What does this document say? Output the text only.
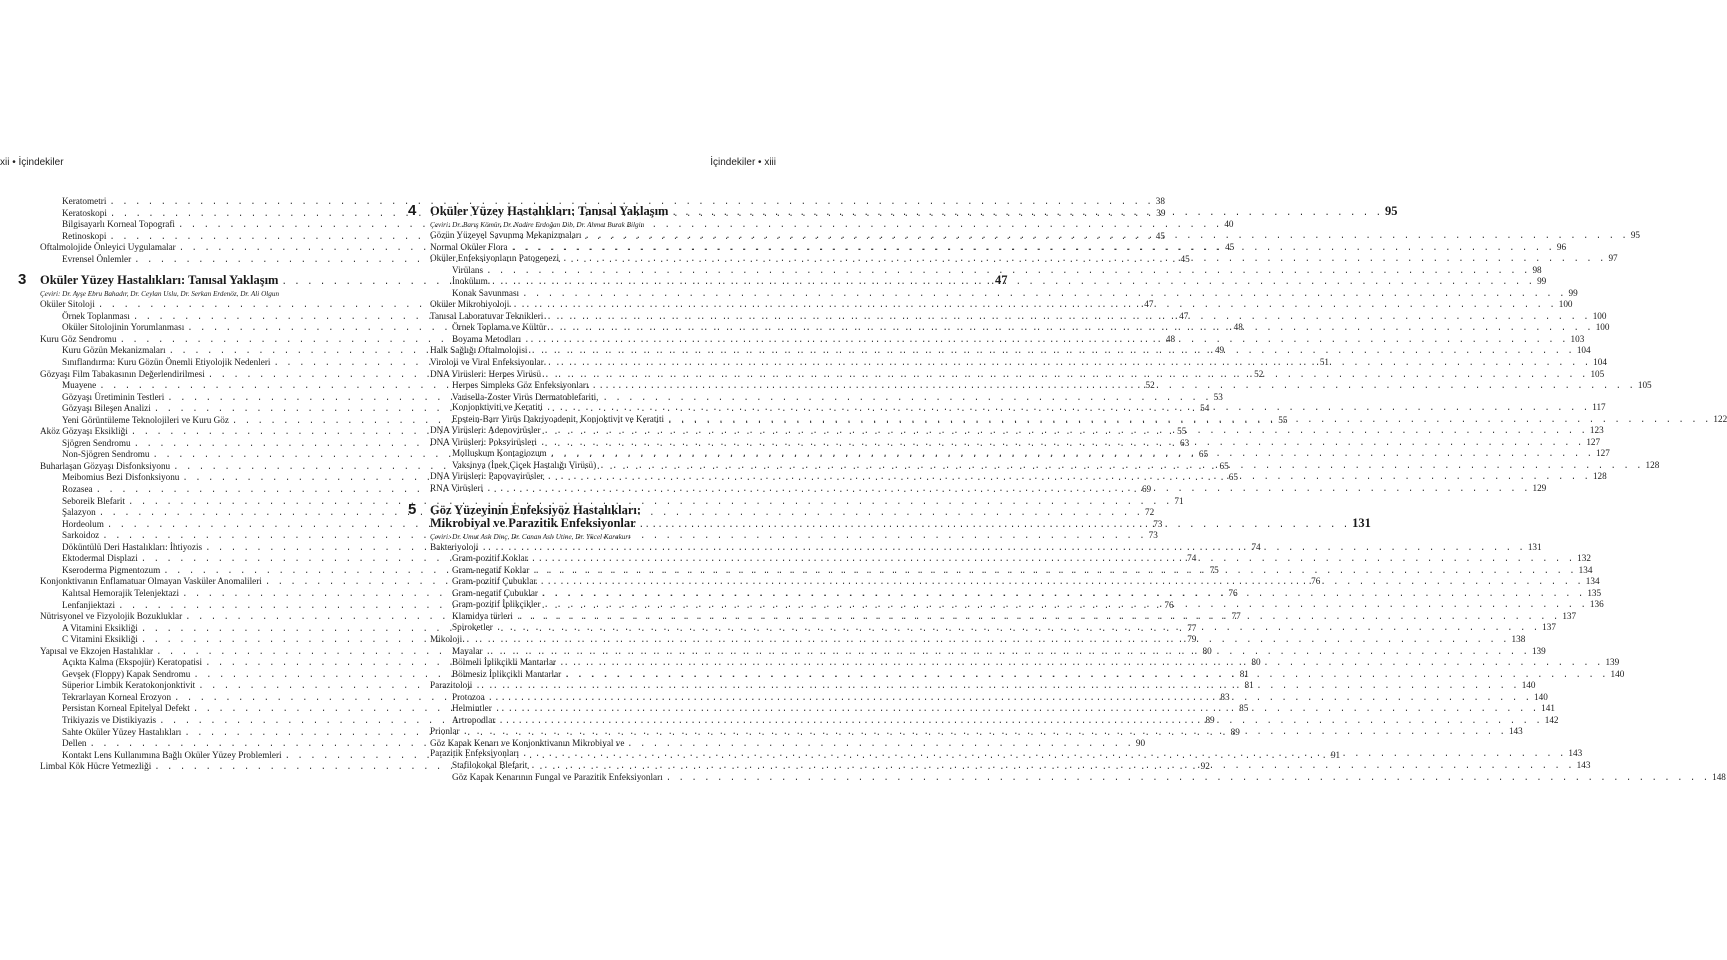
xii • İçindekiler	İçindekiler • xiii
Keratometri . . .	38
Keratoskopi . . .	39
Bilgisayarlı Korneal Topografi . . .	40
Retinoskopi . . .	45
Oftalmolojide Önleyici Uygulamalar . . .	45
Evrensel Önlemler . . .	45
3	Oküler Yüzey Hastalıkları: Tanısal Yaklaşım . . .	47
Çeviri: Dr. Ayşe Ebru Bahadır, Dr. Ceylan Uslu, Dr. Serkan Erdenöz, Dr. Ali Olgun
Oküler Sitoloji . . .	47
Örnek Toplanması . . .	47
Oküler Sitolojinin Yorumlanması . . .	48
Kuru Göz Sendromu . . .	48
Kuru Gözün Mekanizmaları . . .	49
Sınıflandırma: Kuru Gözün Önemli Etiyolojik Nedenleri . . .	51
Gözyaşı Film Tabakasının Değerlendirilmesi . . .	52
Muayene . . .	52
Gözyaşı Üretiminin Testleri . . .	53
Gözyaşı Bileşen Analizi . . .	54
Yeni Görüntüleme Teknolojileri ve Kuru Göz . . .	55
Aköz Gözyaşı Eksikliği . . .	55
Sjögren Sendromu . . .	63
Non-Sjögren Sendromu . . .	65
Buharlaşan Gözyaşı Disfonksiyonu . . .	65
Meibomius Bezi Disfonksiyonu . . .	65
Rozasea . . .	69
Seboreik Blefarit . . .	71
Şalazyon . . .	72
Hordeolum . . .	73
Sarkoidoz . . .	73
Döküntülü Deri Hastalıkları: İhtiyozis . . .	74
Ektodermal Displazi . . .	74
Kseroderma Pigmentozum . . .	75
Konjonktivanın Enflamatuar Olmayan Vasküler Anomalileri . . .	76
Kalıtsal Hemorajik Telenjektazi . . .	76
Lenfanjiektazi . . .	76
Nütrisyonel ve Fizyolojik Bozukluklar . . .	77
A Vitamini Eksikliği . . .	77
C Vitamini Eksikliği . . .	79
Yapısal ve Ekzojen Hastalıklar . . .	80
Açıkta Kalma (Ekspojür) Keratopatisi . . .	80
Gevşek (Floppy) Kapak Sendromu . . .	81
Süperior Limbik Keratokonjonktivit . . .	81
Tekrarlayan Korneal Erozyon . . .	83
Persistan Korneal Epitelyal Defekt . . .	85
Trikiyazis ve Distikiyazis . . .	89
Sahte Oküler Yüzey Hastalıkları . . .	89
Dellen . . .	90
Kontakt Lens Kullanımına Bağlı Oküler Yüzey Problemleri . . .	91
Limbal Kök Hücre Yetmezliği . . .	92
4	Oküler Yüzey Hastalıkları: Tanısal Yaklaşım . . .	95
Çeviri: Dr. Barış Kömür, Dr. Nadire Erdoğan Dib, Dr. Ahmet Burak Bilgin
Gözün Yüzeyel Savunma Mekanizmaları . . .	95
Normal Oküler Flora . . .	96
Oküler Enfeksiyonların Patogenezi . . .	97
Virülans . . .	98
İnokülum . . .	99
Konak Savunması . . .	99
Oküler Mikrobiyoloji . . .	100
Tanısal Laboratuvar Teknikleri . . .	100
Örnek Toplama ve Kültür . . .	100
Boyama Metodları . . .	103
Halk Sağlığı Oftalmolojisi . . .	104
Viroloji ve Viral Enfeksiyonlar . . .	104
DNA Virüsleri: Herpes Virüsü . . .	105
Herpes Simpleks Göz Enfeksiyonları . . .	105
Varisella-Zoster Virüs Dermatoblefariti,
Konjonktiviti ve Keratiti . . .	117
Epstein-Barr Virüs Dakriyoadenit, Konjoktivit ve Keratiti . . .	122
DNA Virüsleri: Adenovirüsler . . .	123
DNA Virüsleri: Poksvirüsleri . . .	127
Molluskum Kontagiozum . . .	127
Vaksinya (İnek Çiçek Hastalığı Virüsü) . . .	128
DNA Virüsleri: Papovavirüsler . . .	128
RNA Virüsleri . . .	129
5	Göz Yüzeyinin Enfeksiyöz Hastalıkları:
Mikrobiyal ve Parazitik Enfeksiyonlar . . .	131
Çeviri: Dr. Umut Aslı Dinç, Dr. Canan Aslı Utine, Dr. Yücel Karakurt
Bakteriyoloji . . .	131
Gram-pozitif Koklar . . .	132
Gram-negatif Koklar . . .	134
Gram-pozitif Çubuklar . . .	134
Gram-negatif Çubuklar . . .	135
Gram-pozitif İplikçikler . . .	136
Klamidya türleri . . .	137
Spiroketler . . .	137
Mikoloji . . .	138
Mayalar . . .	139
Bölmeli İplikçikli Mantarlar . . .	139
Bölmesiz İplikçikli Mantarlar . . .	140
Parazitoloji . . .	140
Protozoa . . .	140
Helmintler . . .	141
Artropodlar . . .	142
Prionlar . . .	143
Göz Kapak Kenarı ve Konjonktivanın Mikrobiyal ve
Parazitik Enfeksiyonları . . .	143
Stafilokokal Blefarit . . .	143
Göz Kapak Kenarının Fungal ve Parazitik Enfeksiyonları . . .	148
